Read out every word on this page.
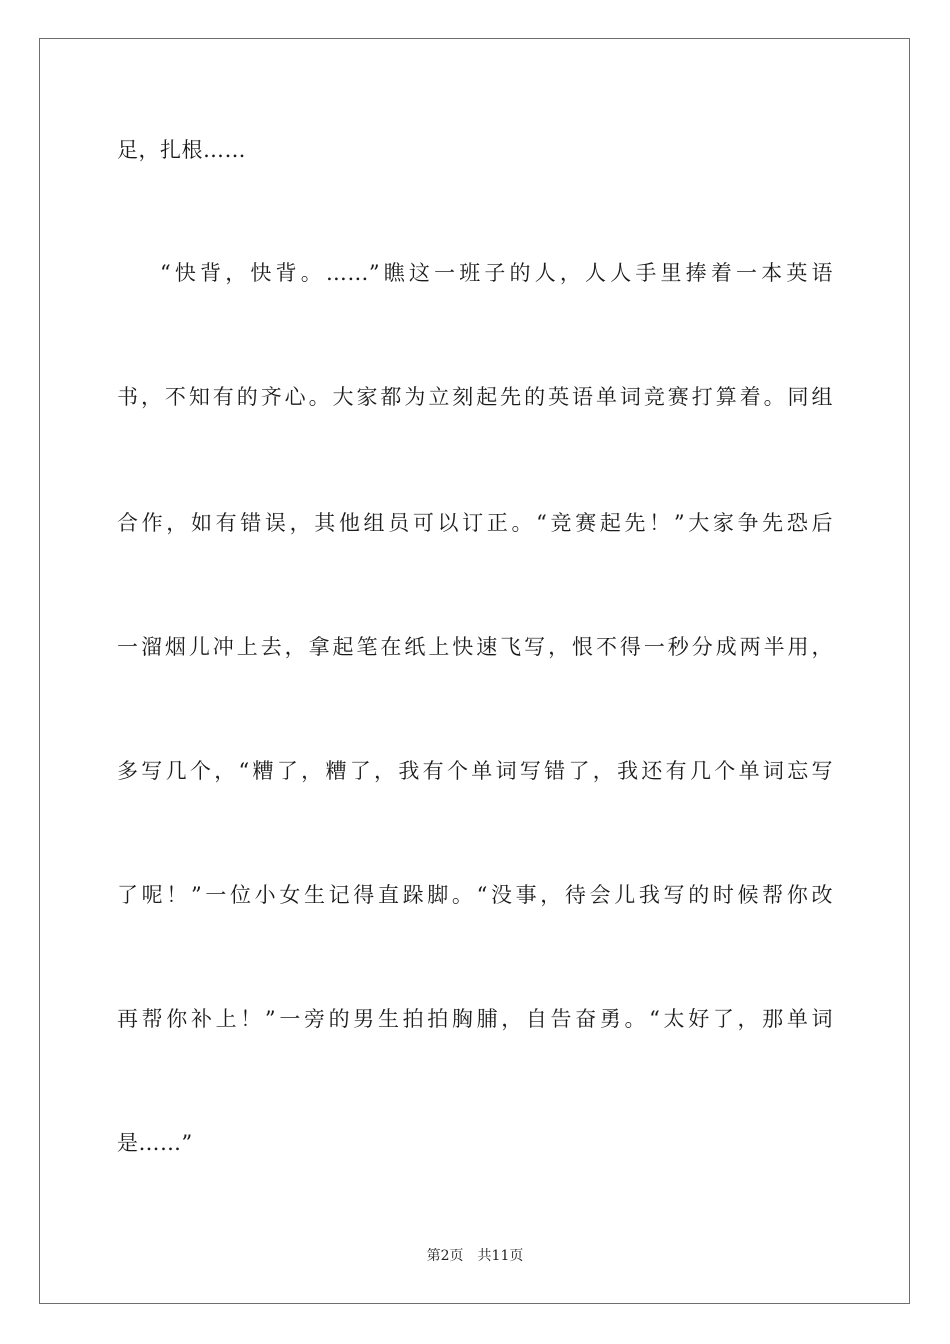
足，扎根……
“快背，快背。……”瞧这一班子的人，人人手里捧着一本英语
书，不知有的齐心。大家都为立刻起先的英语单词竞赛打算着。同组
合作，如有错误，其他组员可以订正。“竞赛起先！”大家争先恐后
一溜烟儿冲上去，拿起笔在纸上快速飞写，恨不得一秒分成两半用，
多写几个，“糟了，糟了，我有个单词写错了，我还有几个单词忘写
了呢！”一位小女生记得直跺脚。“没事，待会儿我写的时候帮你改
再帮你补上！”一旁的男生拍拍胸脯，自告奋勇。“太好了，那单词
是……”
第2页 共11页
